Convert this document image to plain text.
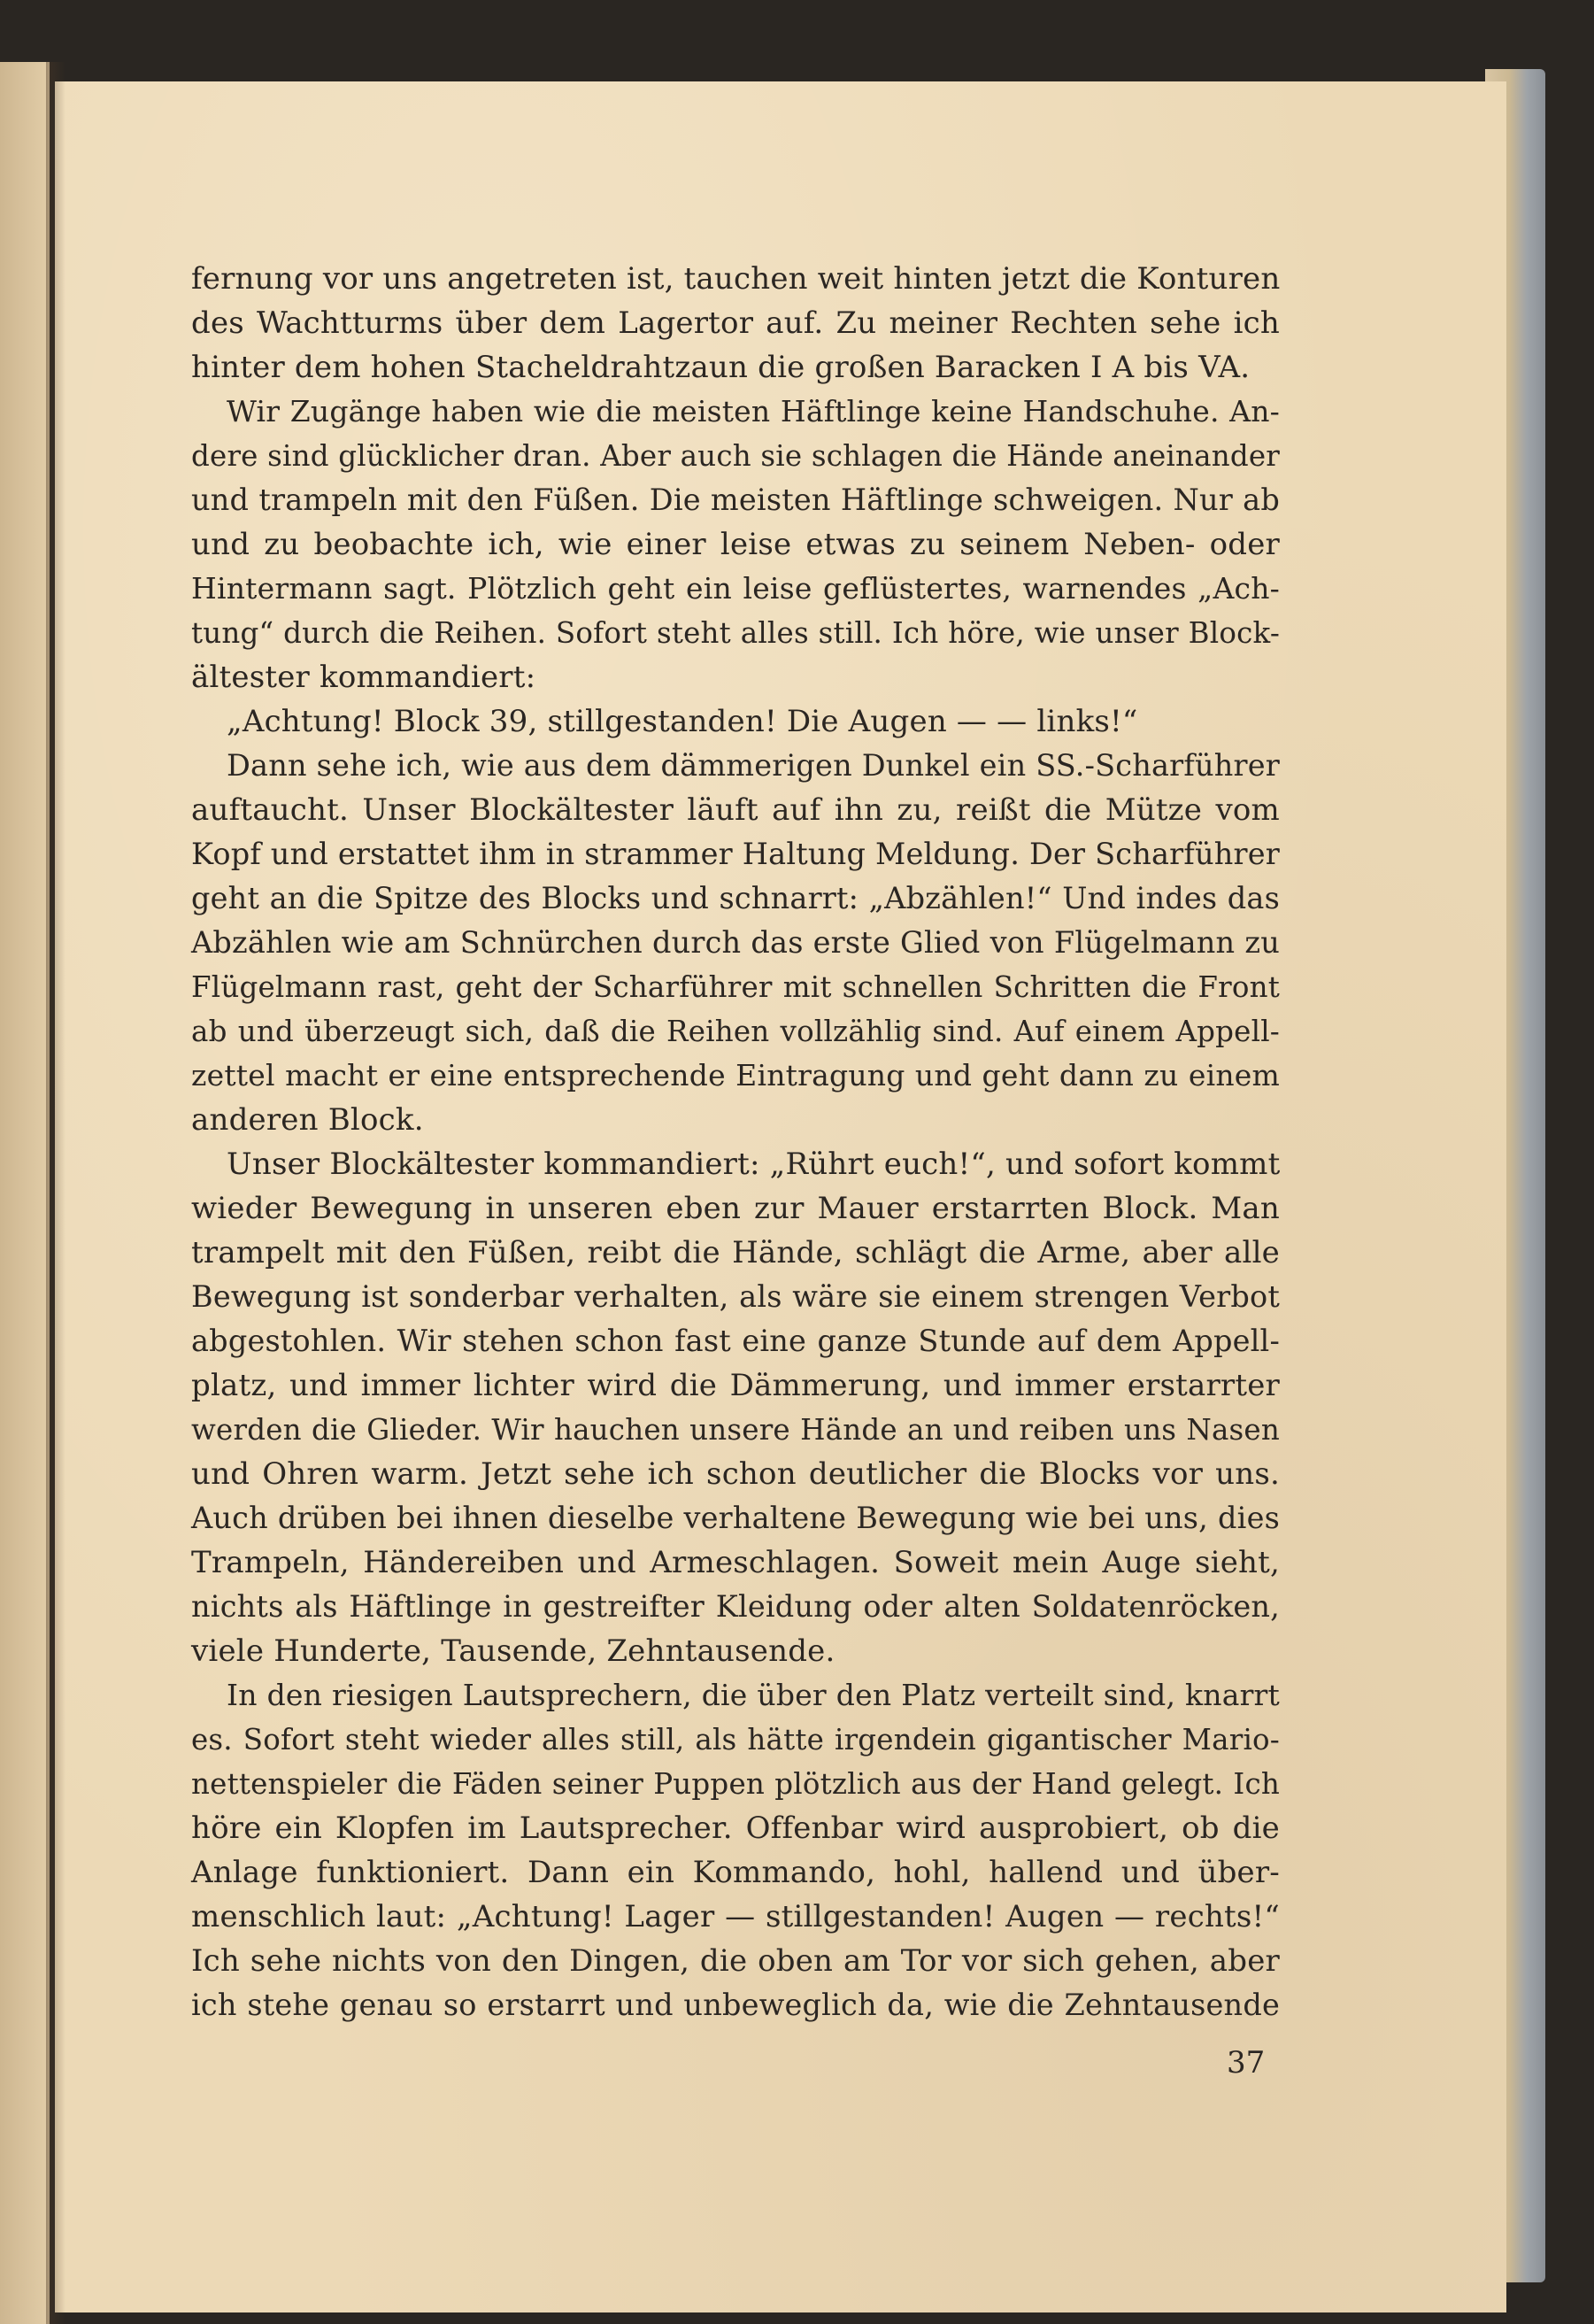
fernung vor uns angetreten ist, tauchen weit hinten jetzt die Konturen
des Wachtturms über dem Lagertor auf. Zu meiner Rechten sehe ich
hinter dem hohen Stacheldrahtzaun die großen Baracken I A bis VA.
Wir Zugänge haben wie die meisten Häftlinge keine Handschuhe. An-
dere sind glücklicher dran. Aber auch sie schlagen die Hände aneinander
und trampeln mit den Füßen. Die meisten Häftlinge schweigen. Nur ab
und zu beobachte ich, wie einer leise etwas zu seinem Neben- oder
Hintermann sagt. Plötzlich geht ein leise geflüstertes, warnendes „Ach-
tung“ durch die Reihen. Sofort steht alles still. Ich höre, wie unser Block-
ältester kommandiert:
„Achtung! Block 39, stillgestanden! Die Augen — — links!“
Dann sehe ich, wie aus dem dämmerigen Dunkel ein SS.-Scharführer
auftaucht. Unser Blockältester läuft auf ihn zu, reißt die Mütze vom
Kopf und erstattet ihm in strammer Haltung Meldung. Der Scharführer
geht an die Spitze des Blocks und schnarrt: „Abzählen!“ Und indes das
Abzählen wie am Schnürchen durch das erste Glied von Flügelmann zu
Flügelmann rast, geht der Scharführer mit schnellen Schritten die Front
ab und überzeugt sich, daß die Reihen vollzählig sind. Auf einem Appell-
zettel macht er eine entsprechende Eintragung und geht dann zu einem
anderen Block.
Unser Blockältester kommandiert: „Rührt euch!“, und sofort kommt
wieder Bewegung in unseren eben zur Mauer erstarrten Block. Man
trampelt mit den Füßen, reibt die Hände, schlägt die Arme, aber alle
Bewegung ist sonderbar verhalten, als wäre sie einem strengen Verbot
abgestohlen. Wir stehen schon fast eine ganze Stunde auf dem Appell-
platz, und immer lichter wird die Dämmerung, und immer erstarrter
werden die Glieder. Wir hauchen unsere Hände an und reiben uns Nasen
und Ohren warm. Jetzt sehe ich schon deutlicher die Blocks vor uns.
Auch drüben bei ihnen dieselbe verhaltene Bewegung wie bei uns, dies
Trampeln, Händereiben und Armeschlagen. Soweit mein Auge sieht,
nichts als Häftlinge in gestreifter Kleidung oder alten Soldatenröcken,
viele Hunderte, Tausende, Zehntausende.
In den riesigen Lautsprechern, die über den Platz verteilt sind, knarrt
es. Sofort steht wieder alles still, als hätte irgendein gigantischer Mario-
nettenspieler die Fäden seiner Puppen plötzlich aus der Hand gelegt. Ich
höre ein Klopfen im Lautsprecher. Offenbar wird ausprobiert, ob die
Anlage funktioniert. Dann ein Kommando, hohl, hallend und über-
menschlich laut: „Achtung! Lager — stillgestanden! Augen — rechts!“
Ich sehe nichts von den Dingen, die oben am Tor vor sich gehen, aber
ich stehe genau so erstarrt und unbeweglich da, wie die Zehntausende
37
